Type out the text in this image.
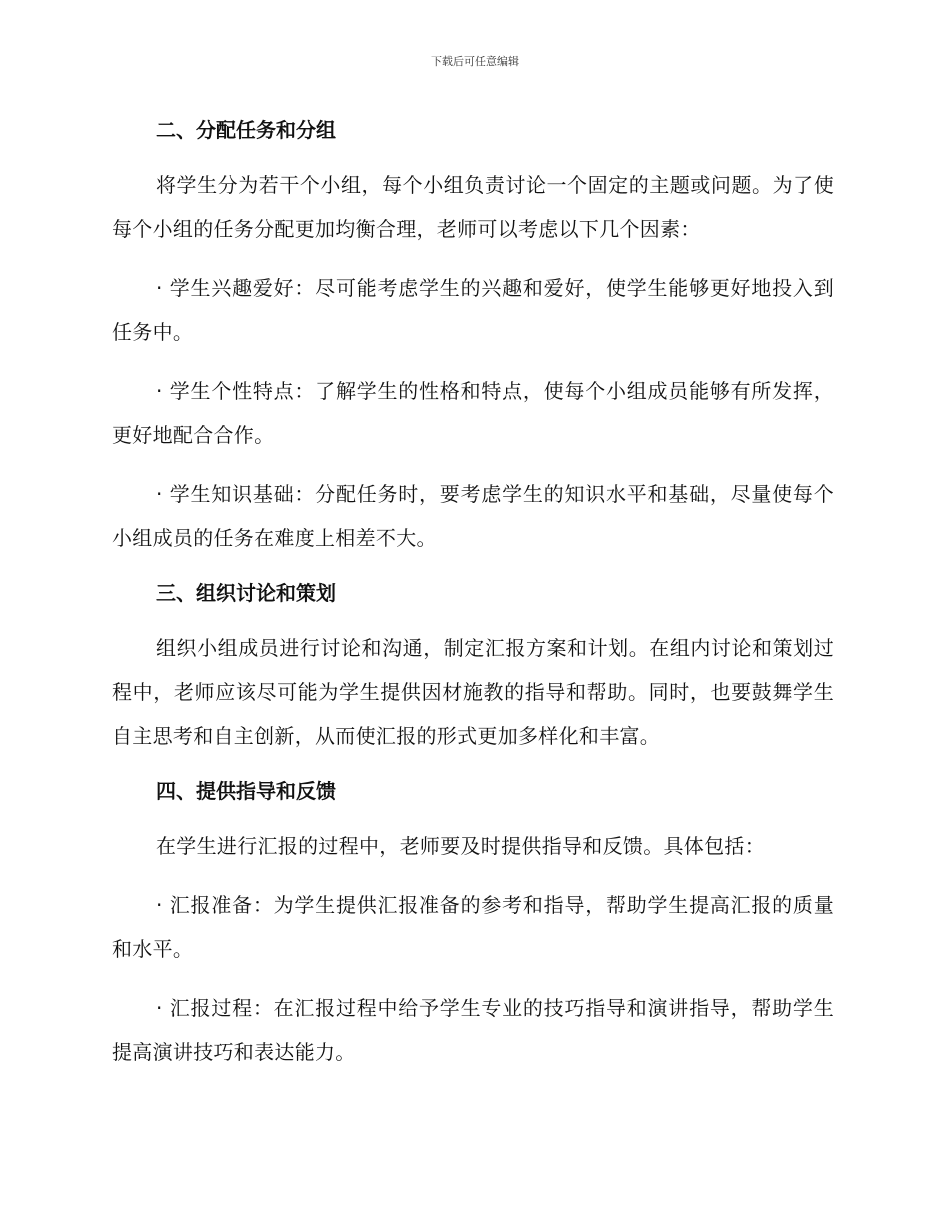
下载后可任意编辑
二、分配任务和分组

将学生分为若干个小组，每个小组负责讨论一个固定的主题或问题。为了使每个小组的任务分配更加均衡合理，老师可以考虑以下几个因素：

· 学生兴趣爱好：尽可能考虑学生的兴趣和爱好，使学生能够更好地投入到任务中。

· 学生个性特点：了解学生的性格和特点，使每个小组成员能够有所发挥，更好地配合合作。

· 学生知识基础：分配任务时，要考虑学生的知识水平和基础，尽量使每个小组成员的任务在难度上相差不大。

三、组织讨论和策划

组织小组成员进行讨论和沟通，制定汇报方案和计划。在组内讨论和策划过程中，老师应该尽可能为学生提供因材施教的指导和帮助。同时，也要鼓舞学生自主思考和自主创新，从而使汇报的形式更加多样化和丰富。

四、提供指导和反馈

在学生进行汇报的过程中，老师要及时提供指导和反馈。具体包括：

· 汇报准备：为学生提供汇报准备的参考和指导，帮助学生提高汇报的质量和水平。

· 汇报过程：在汇报过程中给予学生专业的技巧指导和演讲指导，帮助学生提高演讲技巧和表达能力。
